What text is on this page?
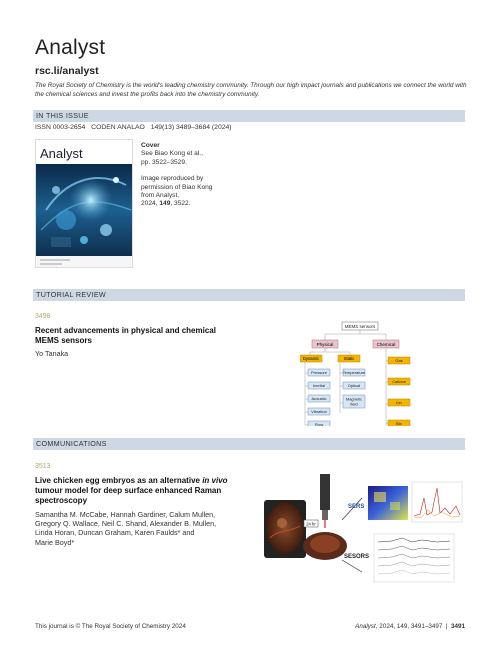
Analyst
rsc.li/analyst
The Royal Society of Chemistry is the world's leading chemistry community. Through our high impact journals and publications we connect the world with the chemical sciences and invest the profits back into the chemistry community.
IN THIS ISSUE
ISSN 0003-2654 CODEN ANALAO 149(13) 3489–3684 (2024)
Analyst
Cover
See Biao Kong et al.,
pp. 3522–3529.
Image reproduced by
permission of Biao Kong
from Analyst,
2024, 149, 3522.
TUTORIAL REVIEW
3498
Recent advancements in physical and chemical
MEMS sensors
Yo Tanaka
MEMS sensors
Physical	Chemical
Dynamic	Static
Pressure
Inertial
Acoustic
Vibration
Flow
Temperature
Optical
Magnetic
field
Gas
Cations
Ion
Bio
COMMUNICATIONS
3513
Live chicken egg embryos as an alternative in vivo
tumour model for deep surface enhanced Raman
spectroscopy
Samantha M. McCabe, Hannah Gardiner, Calum Mullen,
Gregory Q. Wallace, Neil C. Shand, Alexander B. Mullen,
Linda Horan, Duncan Graham, Karen Faulds* and
Marie Boyd*
24 hr
SERS
SESORS
This journal is © The Royal Society of Chemistry 2024	Analyst, 2024, 149, 3491–3497  |  3491
